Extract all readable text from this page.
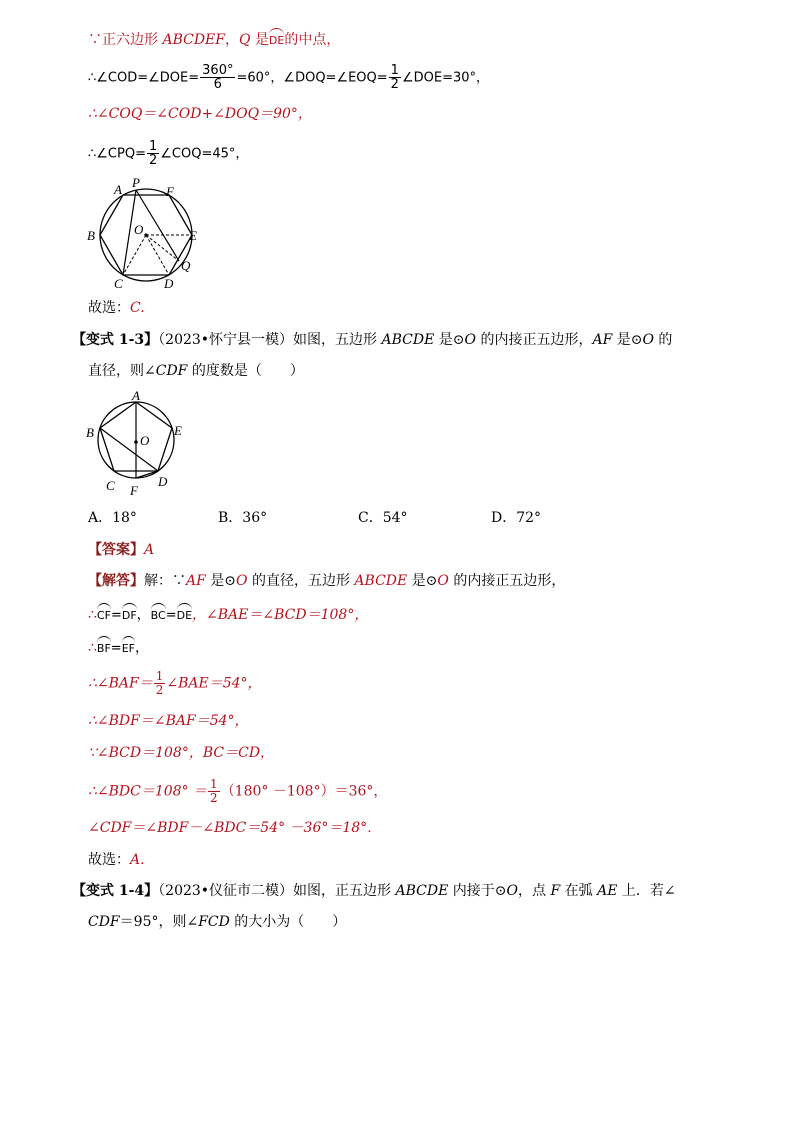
∵正六边形 ABCDEF，Q 是DE的中点，
∴∠COD=∠DOE= $\frac{360^\circ}{6} =60^\circ$，∠DOQ=∠EOQ= $\frac{1}{2}$ ∠DOE=30°，
∴∠COQ＝∠COD+∠DOQ＝90°，
∴∠CPQ= $\frac{1}{2}$ ∠COQ=45°，
A P
F
B	O	E
Q
C	D
故选：C.
【变式 1-3】（2023•怀宁县一模）如图，五边形 ABCDE 是⊙O 的内接正五边形，AF 是⊙O 的
直径，则∠CDF 的度数是（　　）
A
B
O
E
C F
D
A．18°	B．36°	C．54°	D．72°
【答案】A
【解答】解：∵AF 是⊙O 的直径，五边形 ABCDE 是⊙O 的内接正五边形，
∴CF=DF，BC=DE，∠BAE＝∠BCD＝108°，
∴BF=EF，
∴∠BAF＝ $\frac{1}{2}$ ∠BAE＝54°，
∴∠BDF＝∠BAF＝54°，
∵∠BCD＝108°，BC＝CD，
∴∠BDC＝108° ＝ $\frac{1}{2} (180^\circ -108^\circ)=36^\circ$，
∠CDF＝∠BDF－∠BDC＝54° －36°＝18°．
故选：A.
【变式 1-4】（2023•仪征市二模）如图，正五边形 ABCDE 内接于⊙O，点 F 在弧 AE 上．若∠
CDF＝95°，则∠FCD 的大小为（　　）
